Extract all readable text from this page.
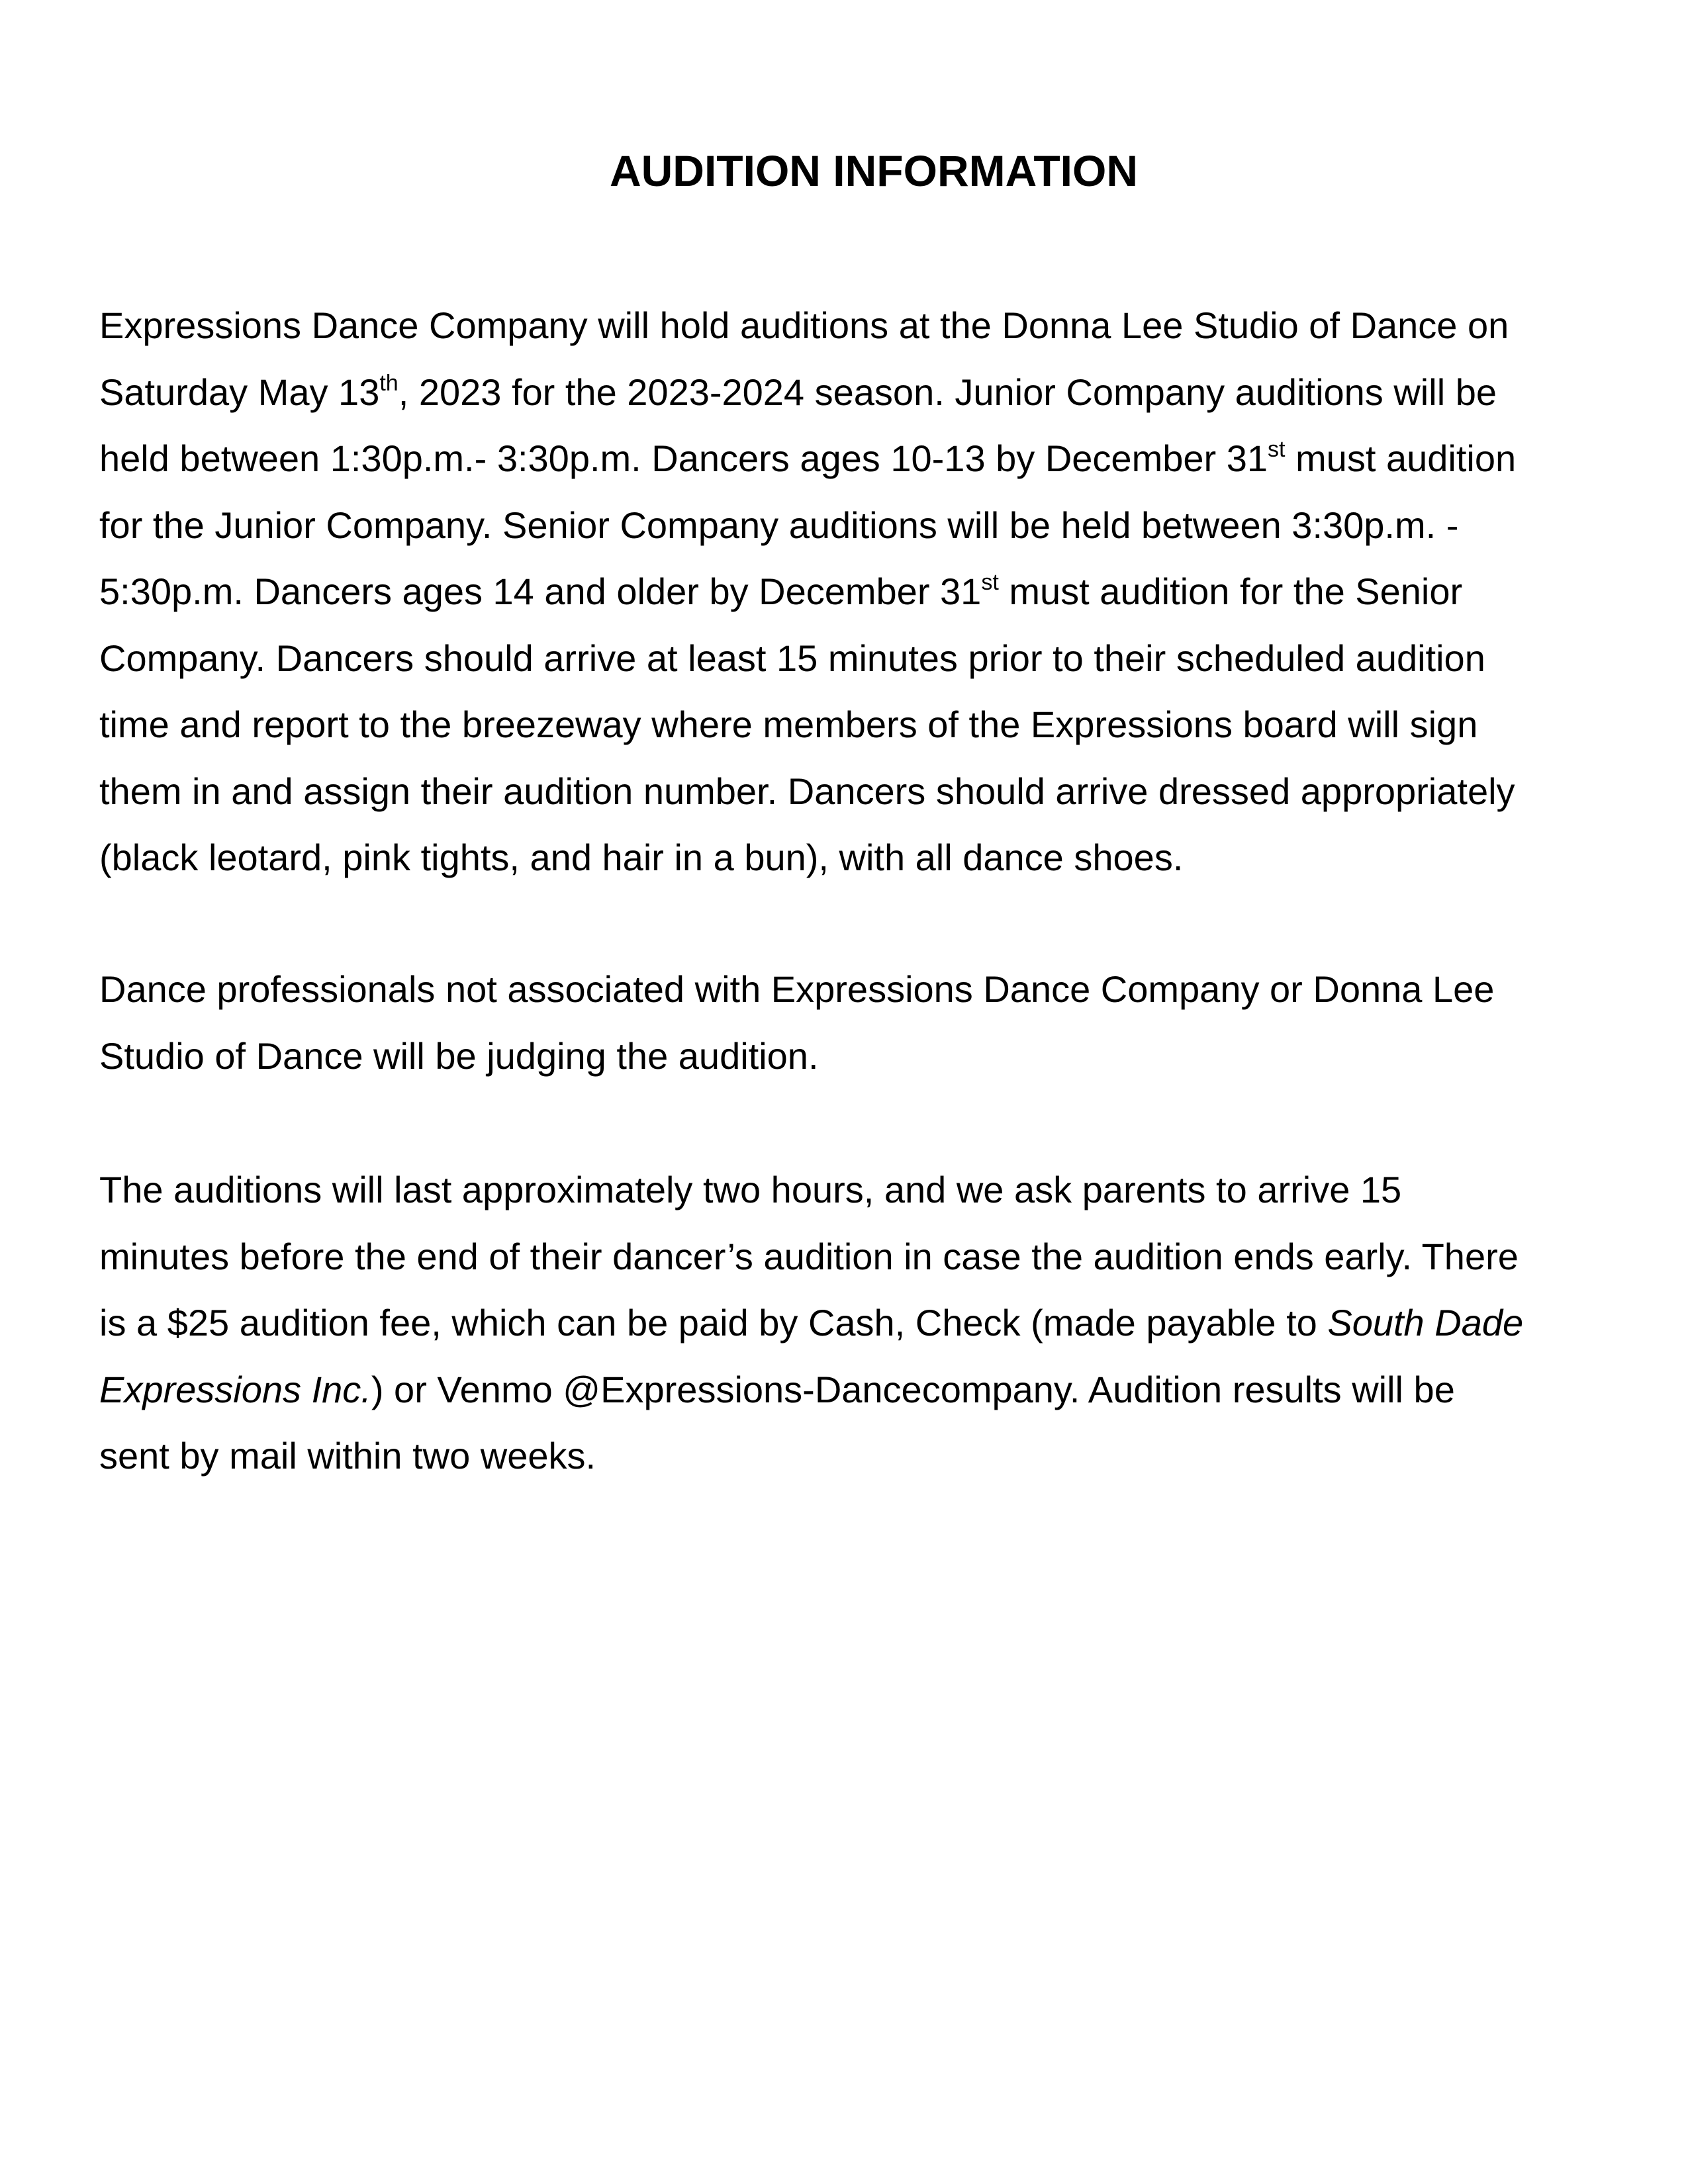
AUDITION INFORMATION

Expressions Dance Company will hold auditions at the Donna Lee Studio of Dance on
Saturday May 13th, 2023 for the 2023-2024 season. Junior Company auditions will be
held between 1:30p.m.- 3:30p.m. Dancers ages 10-13 by December 31st must audition
for the Junior Company. Senior Company auditions will be held between 3:30p.m. -
5:30p.m. Dancers ages 14 and older by December 31st must audition for the Senior
Company. Dancers should arrive at least 15 minutes prior to their scheduled audition
time and report to the breezeway where members of the Expressions board will sign
them in and assign their audition number. Dancers should arrive dressed appropriately
(black leotard, pink tights, and hair in a bun), with all dance shoes.

Dance professionals not associated with Expressions Dance Company or Donna Lee
Studio of Dance will be judging the audition.

The auditions will last approximately two hours, and we ask parents to arrive 15
minutes before the end of their dancer’s audition in case the audition ends early. There
is a $25 audition fee, which can be paid by Cash, Check (made payable to South Dade
Expressions Inc.) or Venmo @Expressions-Dancecompany. Audition results will be
sent by mail within two weeks.
